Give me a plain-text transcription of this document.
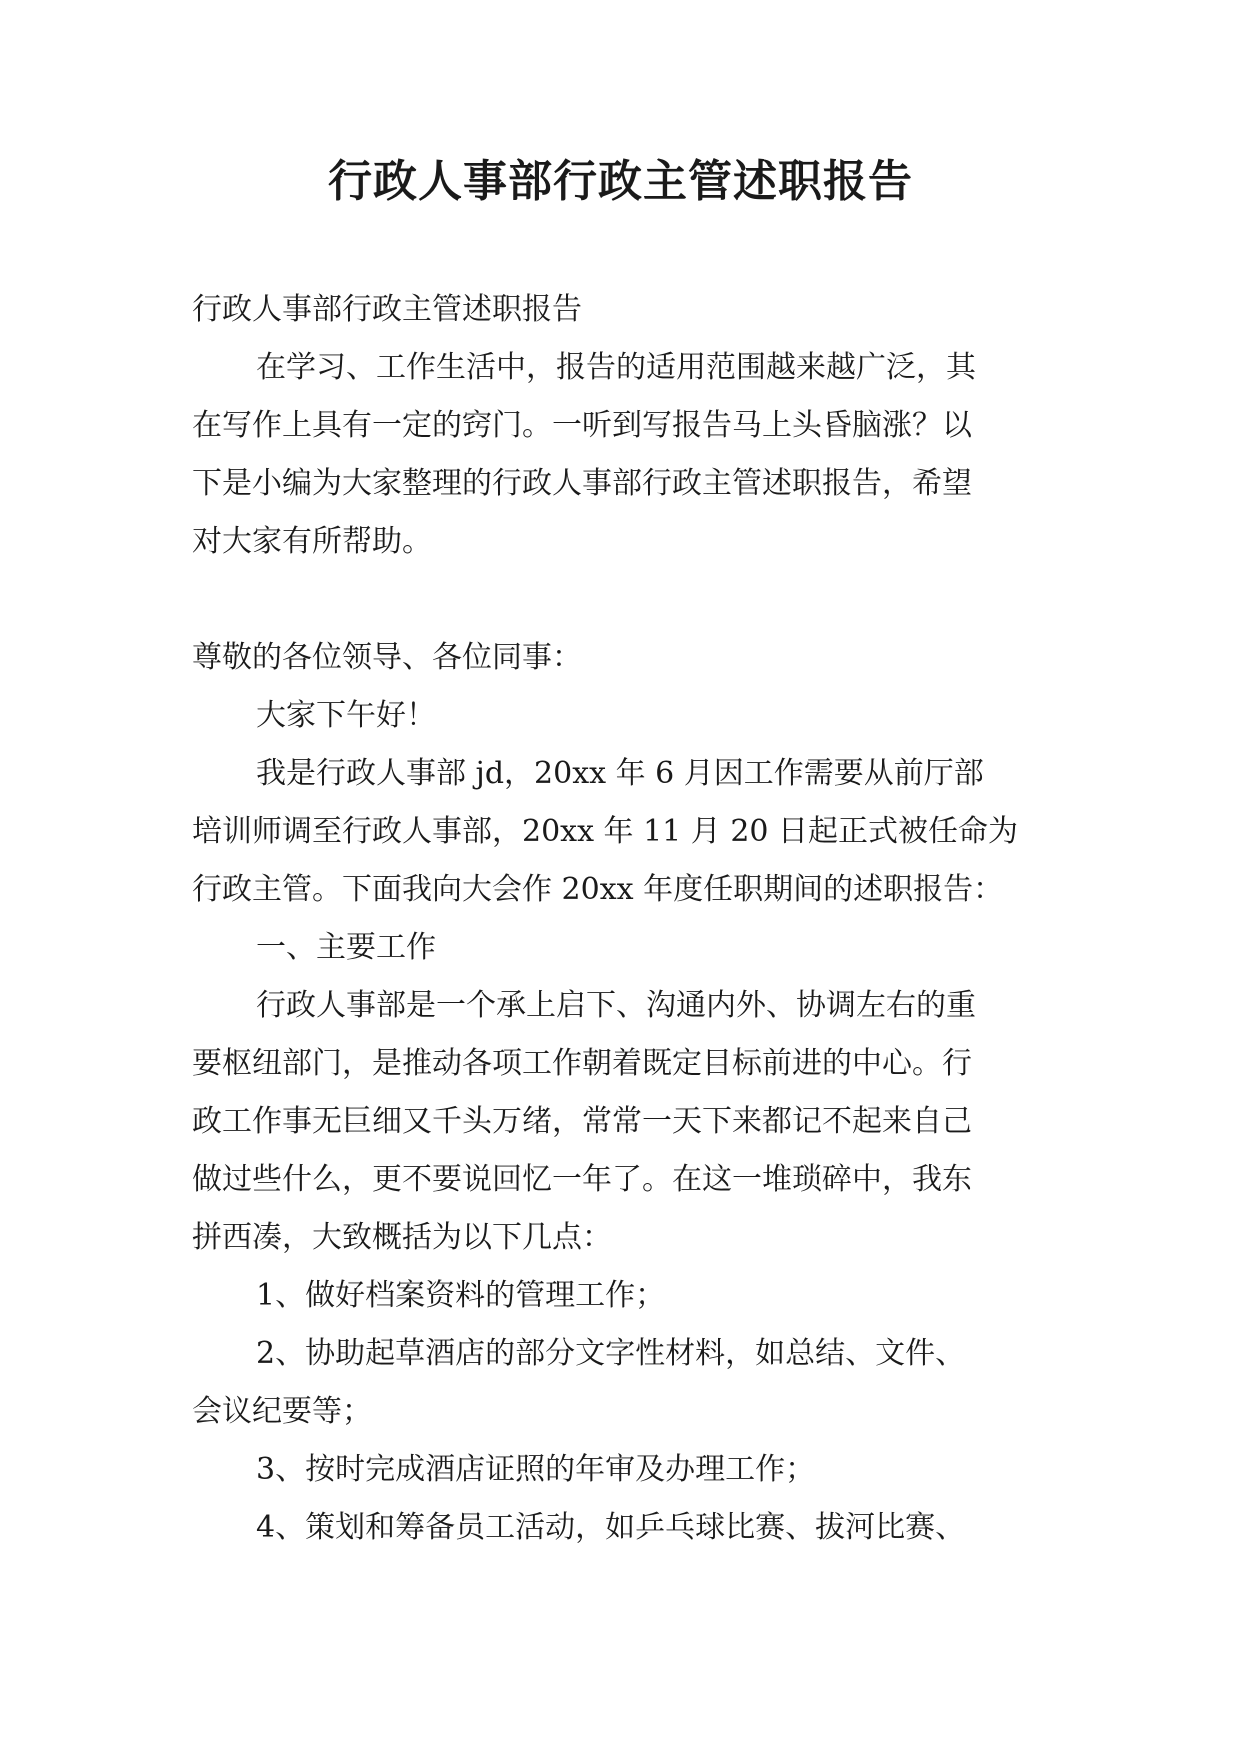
行政人事部行政主管述职报告

行政人事部行政主管述职报告

在学习、工作生活中，报告的适用范围越来越广泛，其

在写作上具有一定的窍门。一听到写报告马上头昏脑涨？以

下是小编为大家整理的行政人事部行政主管述职报告，希望

对大家有所帮助。

尊敬的各位领导、各位同事：

大家下午好！

我是行政人事部 jd，20xx 年 6 月因工作需要从前厅部

培训师调至行政人事部，20xx 年 11 月 20 日起正式被任命为

行政主管。下面我向大会作 20xx 年度任职期间的述职报告：

一、主要工作

行政人事部是一个承上启下、沟通内外、协调左右的重

要枢纽部门，是推动各项工作朝着既定目标前进的中心。行

政工作事无巨细又千头万绪，常常一天下来都记不起来自己

做过些什么，更不要说回忆一年了。在这一堆琐碎中，我东

拼西凑，大致概括为以下几点：

1、做好档案资料的管理工作；

2、协助起草酒店的部分文字性材料，如总结、文件、

会议纪要等；

3、按时完成酒店证照的年审及办理工作；

4、策划和筹备员工活动，如乒乓球比赛、拔河比赛、
